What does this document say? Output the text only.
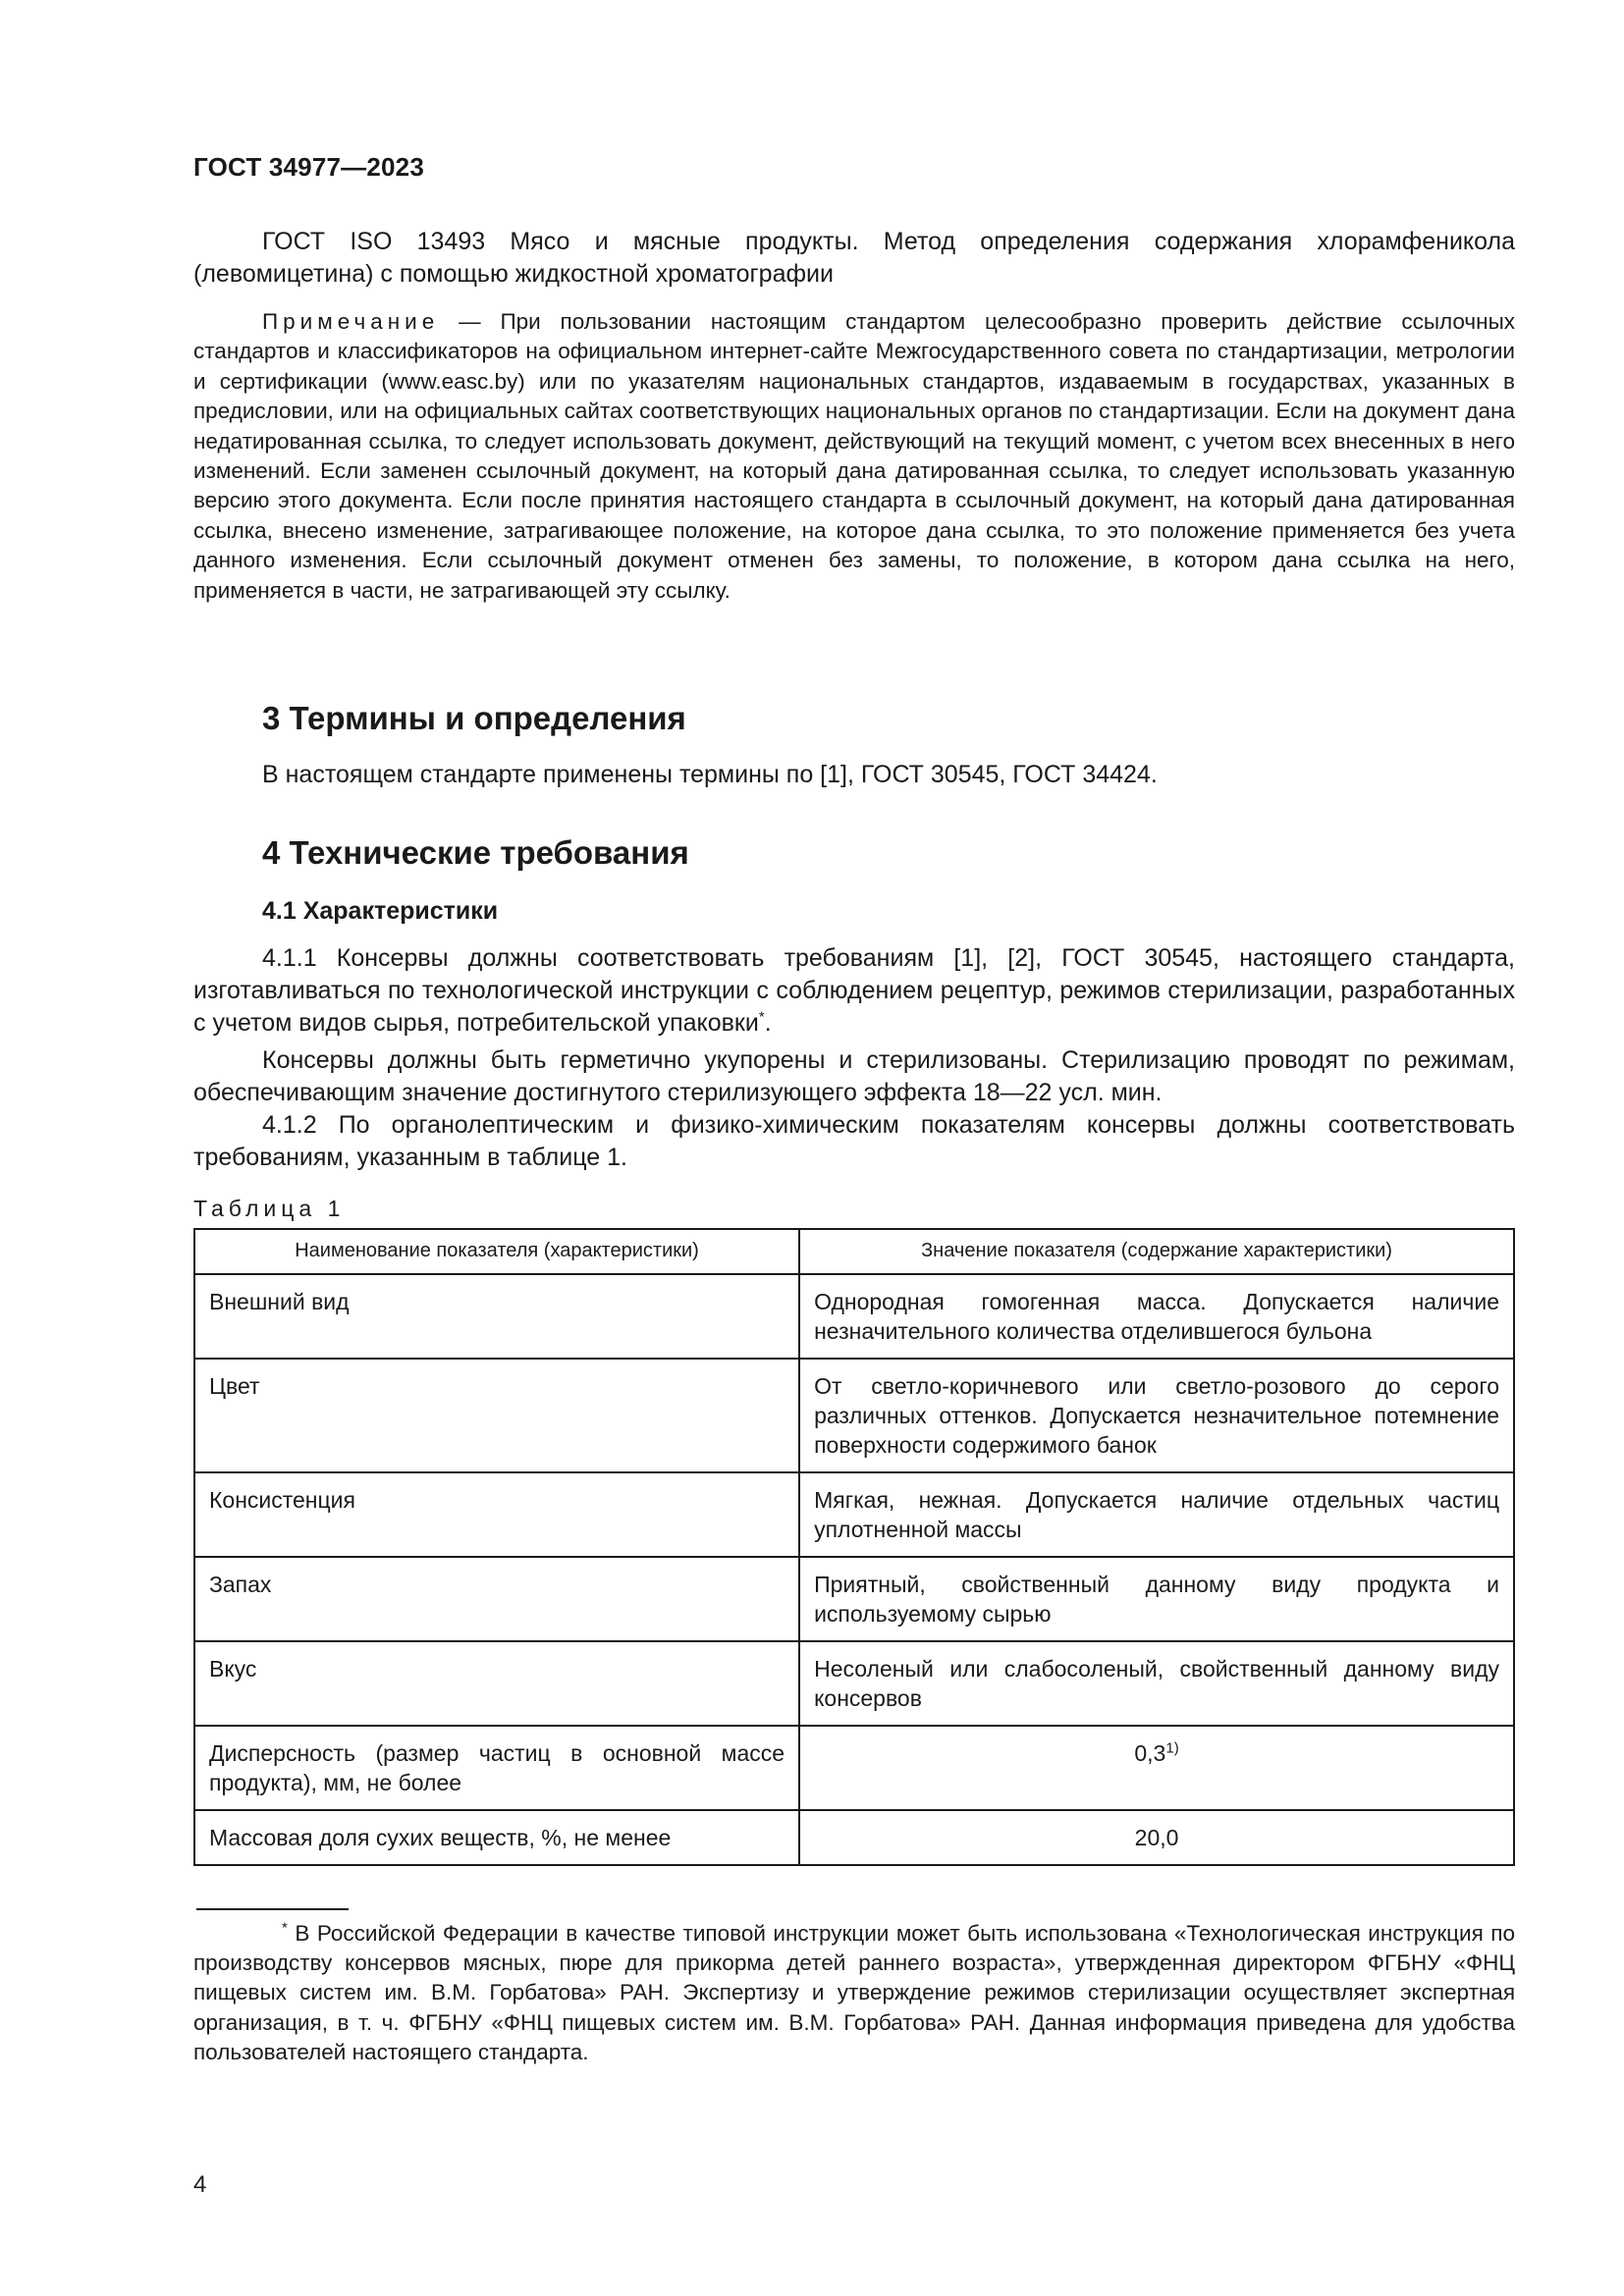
ГОСТ 34977—2023
ГОСТ ISO 13493 Мясо и мясные продукты. Метод определения содержания хлорамфеникола (левомицетина) с помощью жидкостной хроматографии
Примечание — При пользовании настоящим стандартом целесообразно проверить действие ссылочных стандартов и классификаторов на официальном интернет-сайте Межгосударственного совета по стандартизации, метрологии и сертификации (www.easc.by) или по указателям национальных стандартов, издаваемым в государствах, указанных в предисловии, или на официальных сайтах соответствующих национальных органов по стандартизации. Если на документ дана недатированная ссылка, то следует использовать документ, действующий на текущий момент, с учетом всех внесенных в него изменений. Если заменен ссылочный документ, на который дана датированная ссылка, то следует использовать указанную версию этого документа. Если после принятия настоящего стандарта в ссылочный документ, на который дана датированная ссылка, внесено изменение, затрагивающее положение, на которое дана ссылка, то это положение применяется без учета данного изменения. Если ссылочный документ отменен без замены, то положение, в котором дана ссылка на него, применяется в части, не затрагивающей эту ссылку.
3 Термины и определения
В настоящем стандарте применены термины по [1], ГОСТ 30545, ГОСТ 34424.
4 Технические требования
4.1 Характеристики
4.1.1 Консервы должны соответствовать требованиям [1], [2], ГОСТ 30545, настоящего стандарта, изготавливаться по технологической инструкции с соблюдением рецептур, режимов стерилизации, разработанных с учетом видов сырья, потребительской упаковки*.
Консервы должны быть герметично укупорены и стерилизованы. Стерилизацию проводят по режимам, обеспечивающим значение достигнутого стерилизующего эффекта 18—22 усл. мин.
4.1.2 По органолептическим и физико-химическим показателям консервы должны соответствовать требованиям, указанным в таблице 1.
Таблица 1
Наименование показателя (характеристики)	Значение показателя (содержание характеристики)
Внешний вид	Однородная гомогенная масса. Допускается наличие незначительного количества отделившегося бульона
Цвет	От светло-коричневого или светло-розового до серого различных оттенков. Допускается незначительное потемнение поверхности содержимого банок
Консистенция	Мягкая, нежная. Допускается наличие отдельных частиц уплотненной массы
Запах	Приятный, свойственный данному виду продукта и используемому сырью
Вкус	Несоленый или слабосоленый, свойственный данному виду консервов
Дисперсность (размер частиц в основной массе продукта), мм, не более	0,3$^{1)}$
Массовая доля сухих веществ, %, не менее	20,0
* В Российской Федерации в качестве типовой инструкции может быть использована «Технологическая инструкция по производству консервов мясных, пюре для прикорма детей раннего возраста», утвержденная директором ФГБНУ «ФНЦ пищевых систем им. В.М. Горбатова» РАН. Экспертизу и утверждение режимов стерилизации осуществляет экспертная организация, в т. ч. ФГБНУ «ФНЦ пищевых систем им. В.М. Горбатова» РАН. Данная информация приведена для удобства пользователей настоящего стандарта.
4
